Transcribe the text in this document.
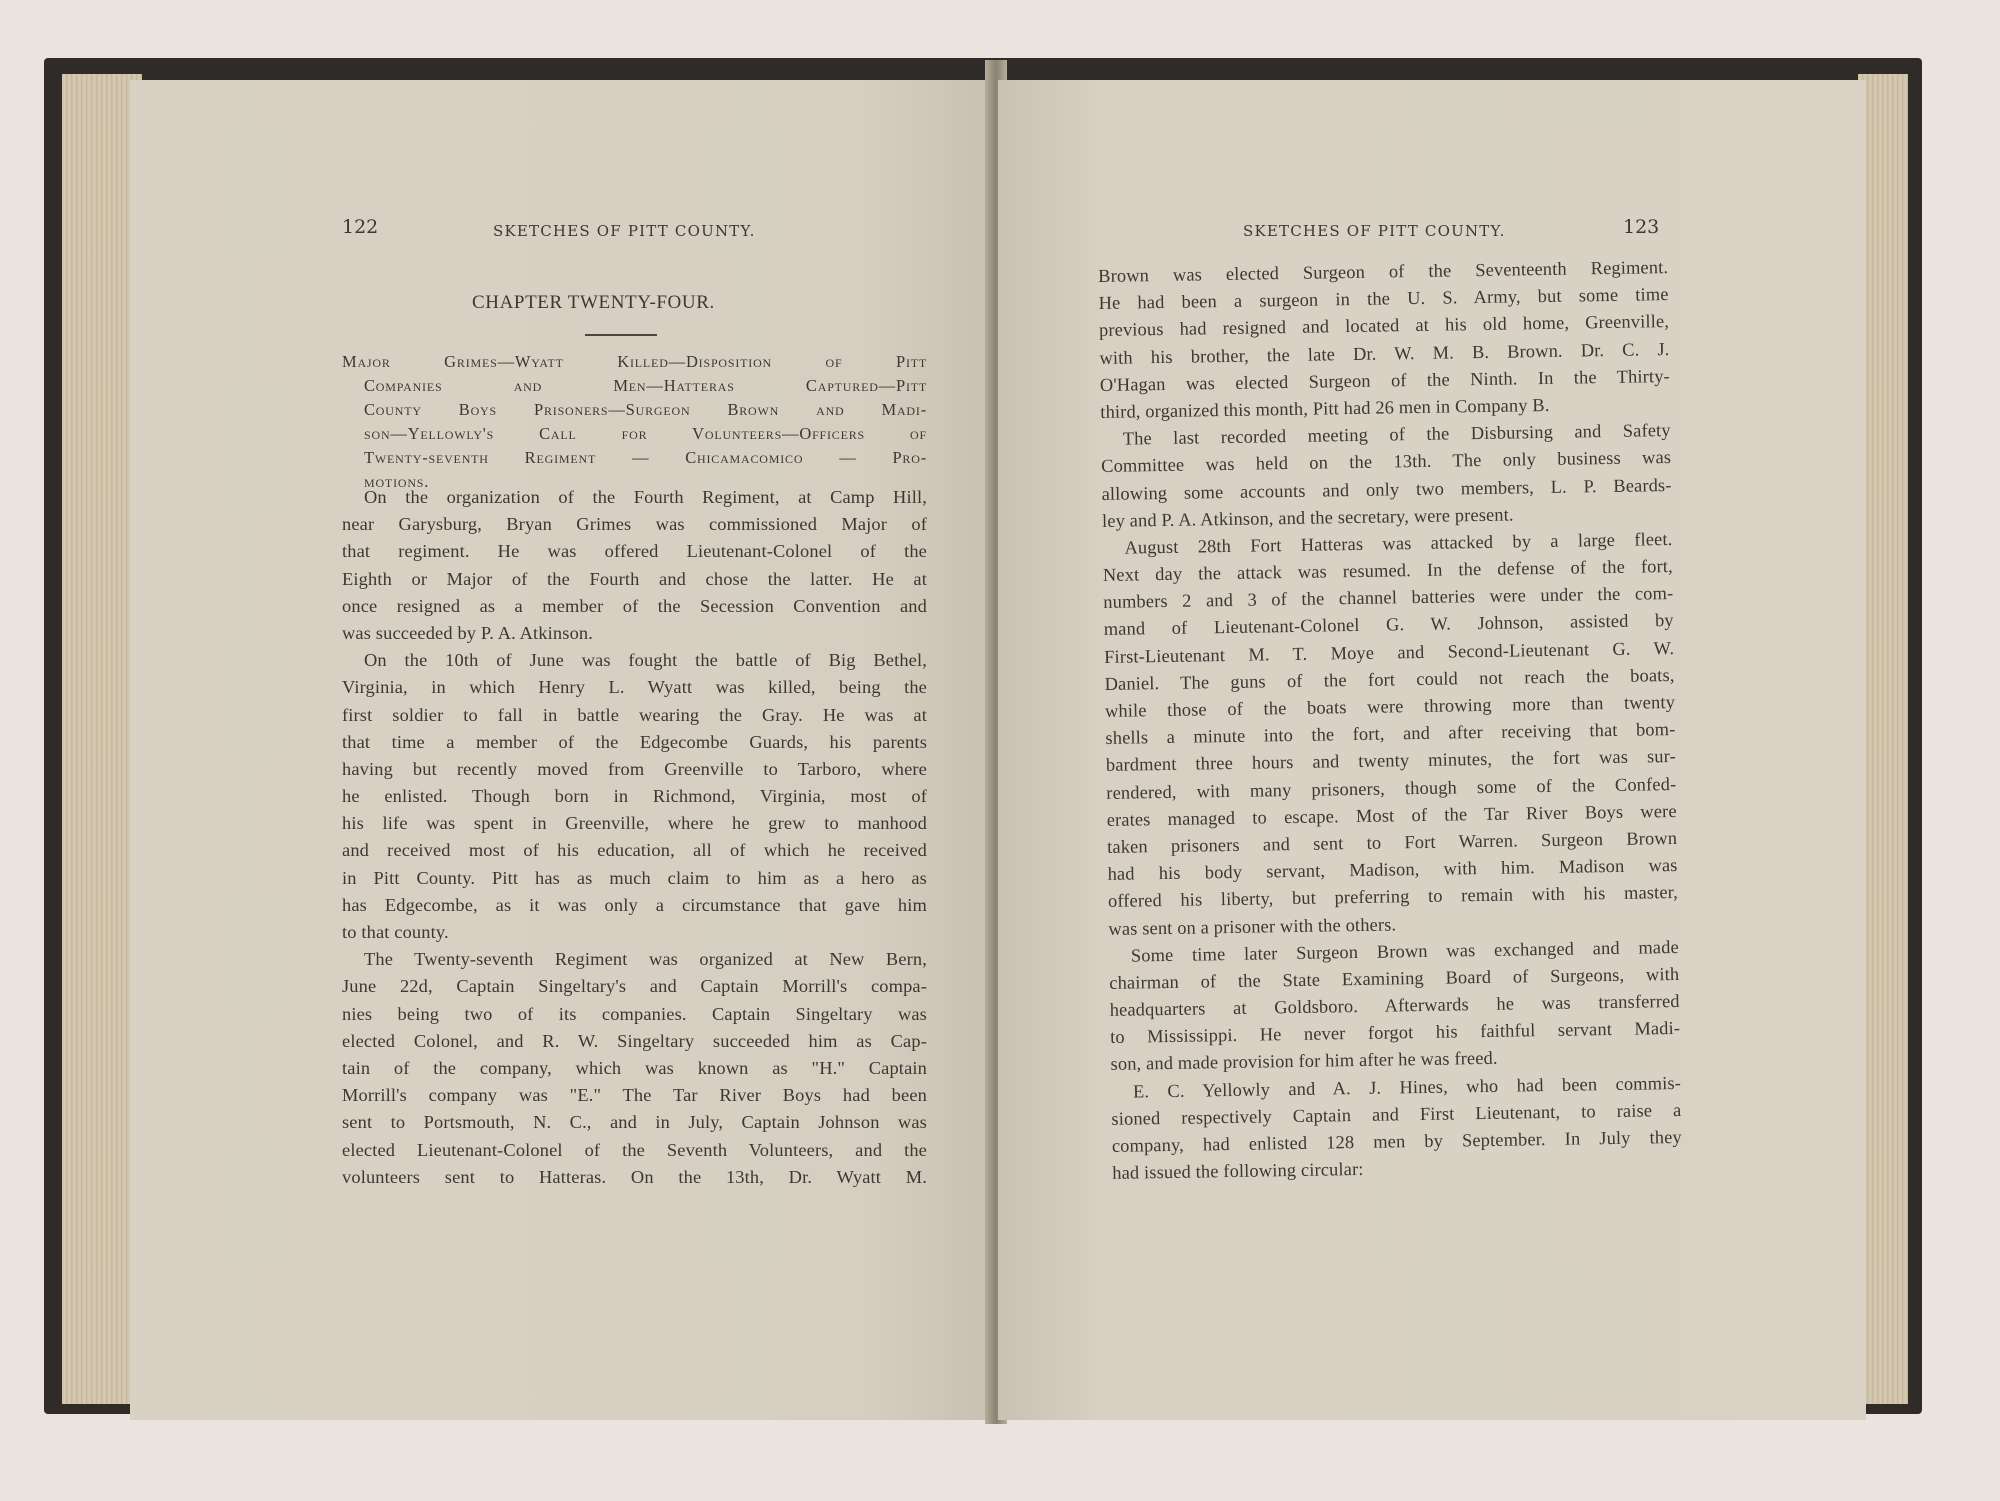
122	SKETCHES OF PITT COUNTY.
CHAPTER TWENTY-FOUR.
Major Grimes—Wyatt Killed—Disposition of Pitt
Companies and Men—Hatteras Captured—Pitt
County Boys Prisoners—Surgeon Brown and Madi-
son—Yellowly's Call for Volunteers—Officers of
Twenty-seventh Regiment — Chicamacomico — Pro-
motions.
On the organization of the Fourth Regiment, at Camp Hill,
near Garysburg, Bryan Grimes was commissioned Major of
that regiment. He was offered Lieutenant-Colonel of the
Eighth or Major of the Fourth and chose the latter. He at
once resigned as a member of the Secession Convention and
was succeeded by P. A. Atkinson.
On the 10th of June was fought the battle of Big Bethel,
Virginia, in which Henry L. Wyatt was killed, being the
first soldier to fall in battle wearing the Gray. He was at
that time a member of the Edgecombe Guards, his parents
having but recently moved from Greenville to Tarboro, where
he enlisted. Though born in Richmond, Virginia, most of
his life was spent in Greenville, where he grew to manhood
and received most of his education, all of which he received
in Pitt County. Pitt has as much claim to him as a hero as
has Edgecombe, as it was only a circumstance that gave him
to that county.
The Twenty-seventh Regiment was organized at New Bern,
June 22d, Captain Singeltary's and Captain Morrill's compa-
nies being two of its companies. Captain Singeltary was
elected Colonel, and R. W. Singeltary succeeded him as Cap-
tain of the company, which was known as "H." Captain
Morrill's company was "E." The Tar River Boys had been
sent to Portsmouth, N. C., and in July, Captain Johnson was
elected Lieutenant-Colonel of the Seventh Volunteers, and the
volunteers sent to Hatteras. On the 13th, Dr. Wyatt M.
SKETCHES OF PITT COUNTY.	123
Brown was elected Surgeon of the Seventeenth Regiment.
He had been a surgeon in the U. S. Army, but some time
previous had resigned and located at his old home, Greenville,
with his brother, the late Dr. W. M. B. Brown. Dr. C. J.
O'Hagan was elected Surgeon of the Ninth. In the Thirty-
third, organized this month, Pitt had 26 men in Company B.
The last recorded meeting of the Disbursing and Safety
Committee was held on the 13th. The only business was
allowing some accounts and only two members, L. P. Beards-
ley and P. A. Atkinson, and the secretary, were present.
August 28th Fort Hatteras was attacked by a large fleet.
Next day the attack was resumed. In the defense of the fort,
numbers 2 and 3 of the channel batteries were under the com-
mand of Lieutenant-Colonel G. W. Johnson, assisted by
First-Lieutenant M. T. Moye and Second-Lieutenant G. W.
Daniel. The guns of the fort could not reach the boats,
while those of the boats were throwing more than twenty
shells a minute into the fort, and after receiving that bom-
bardment three hours and twenty minutes, the fort was sur-
rendered, with many prisoners, though some of the Confed-
erates managed to escape. Most of the Tar River Boys were
taken prisoners and sent to Fort Warren. Surgeon Brown
had his body servant, Madison, with him. Madison was
offered his liberty, but preferring to remain with his master,
was sent on a prisoner with the others.
Some time later Surgeon Brown was exchanged and made
chairman of the State Examining Board of Surgeons, with
headquarters at Goldsboro. Afterwards he was transferred
to Mississippi. He never forgot his faithful servant Madi-
son, and made provision for him after he was freed.
E. C. Yellowly and A. J. Hines, who had been commis-
sioned respectively Captain and First Lieutenant, to raise a
company, had enlisted 128 men by September. In July they
had issued the following circular:
